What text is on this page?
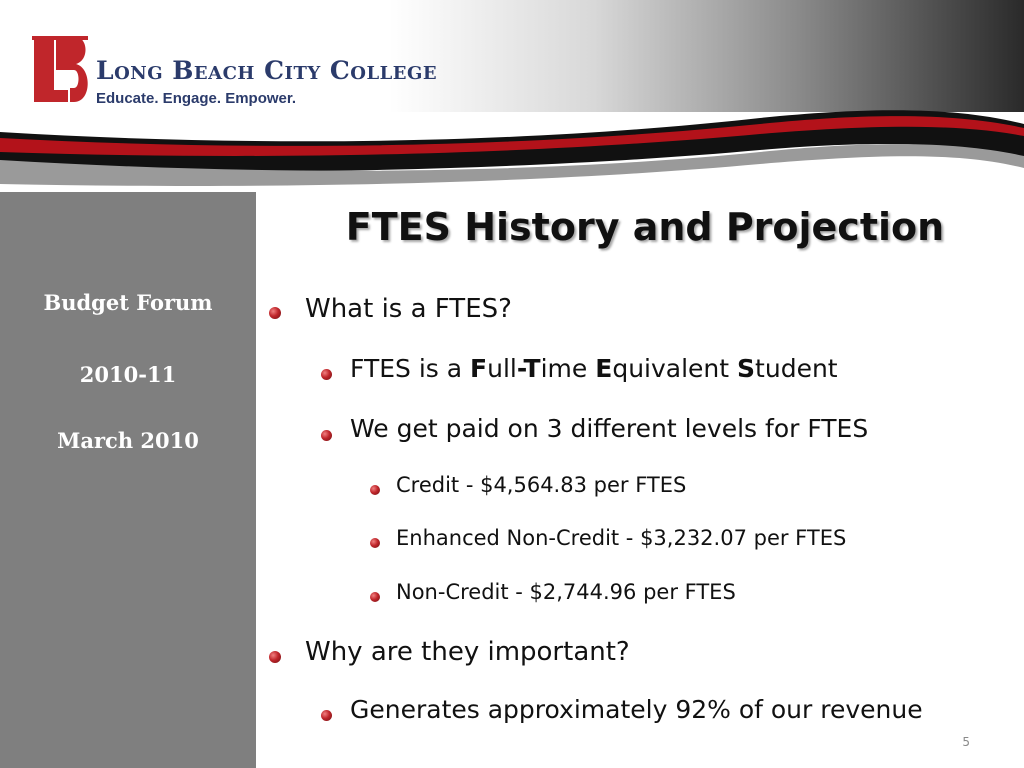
Long Beach City College
Educate. Engage. Empower.
Budget Forum
2010-11
March 2010
FTES History and Projection
What is a FTES?
FTES is a Full-Time Equivalent Student
We get paid on 3 different levels for FTES
Credit - $4,564.83 per FTES
Enhanced Non-Credit - $3,232.07 per FTES
Non-Credit - $2,744.96 per FTES
Why are they important?
Generates approximately 92% of our revenue
5
